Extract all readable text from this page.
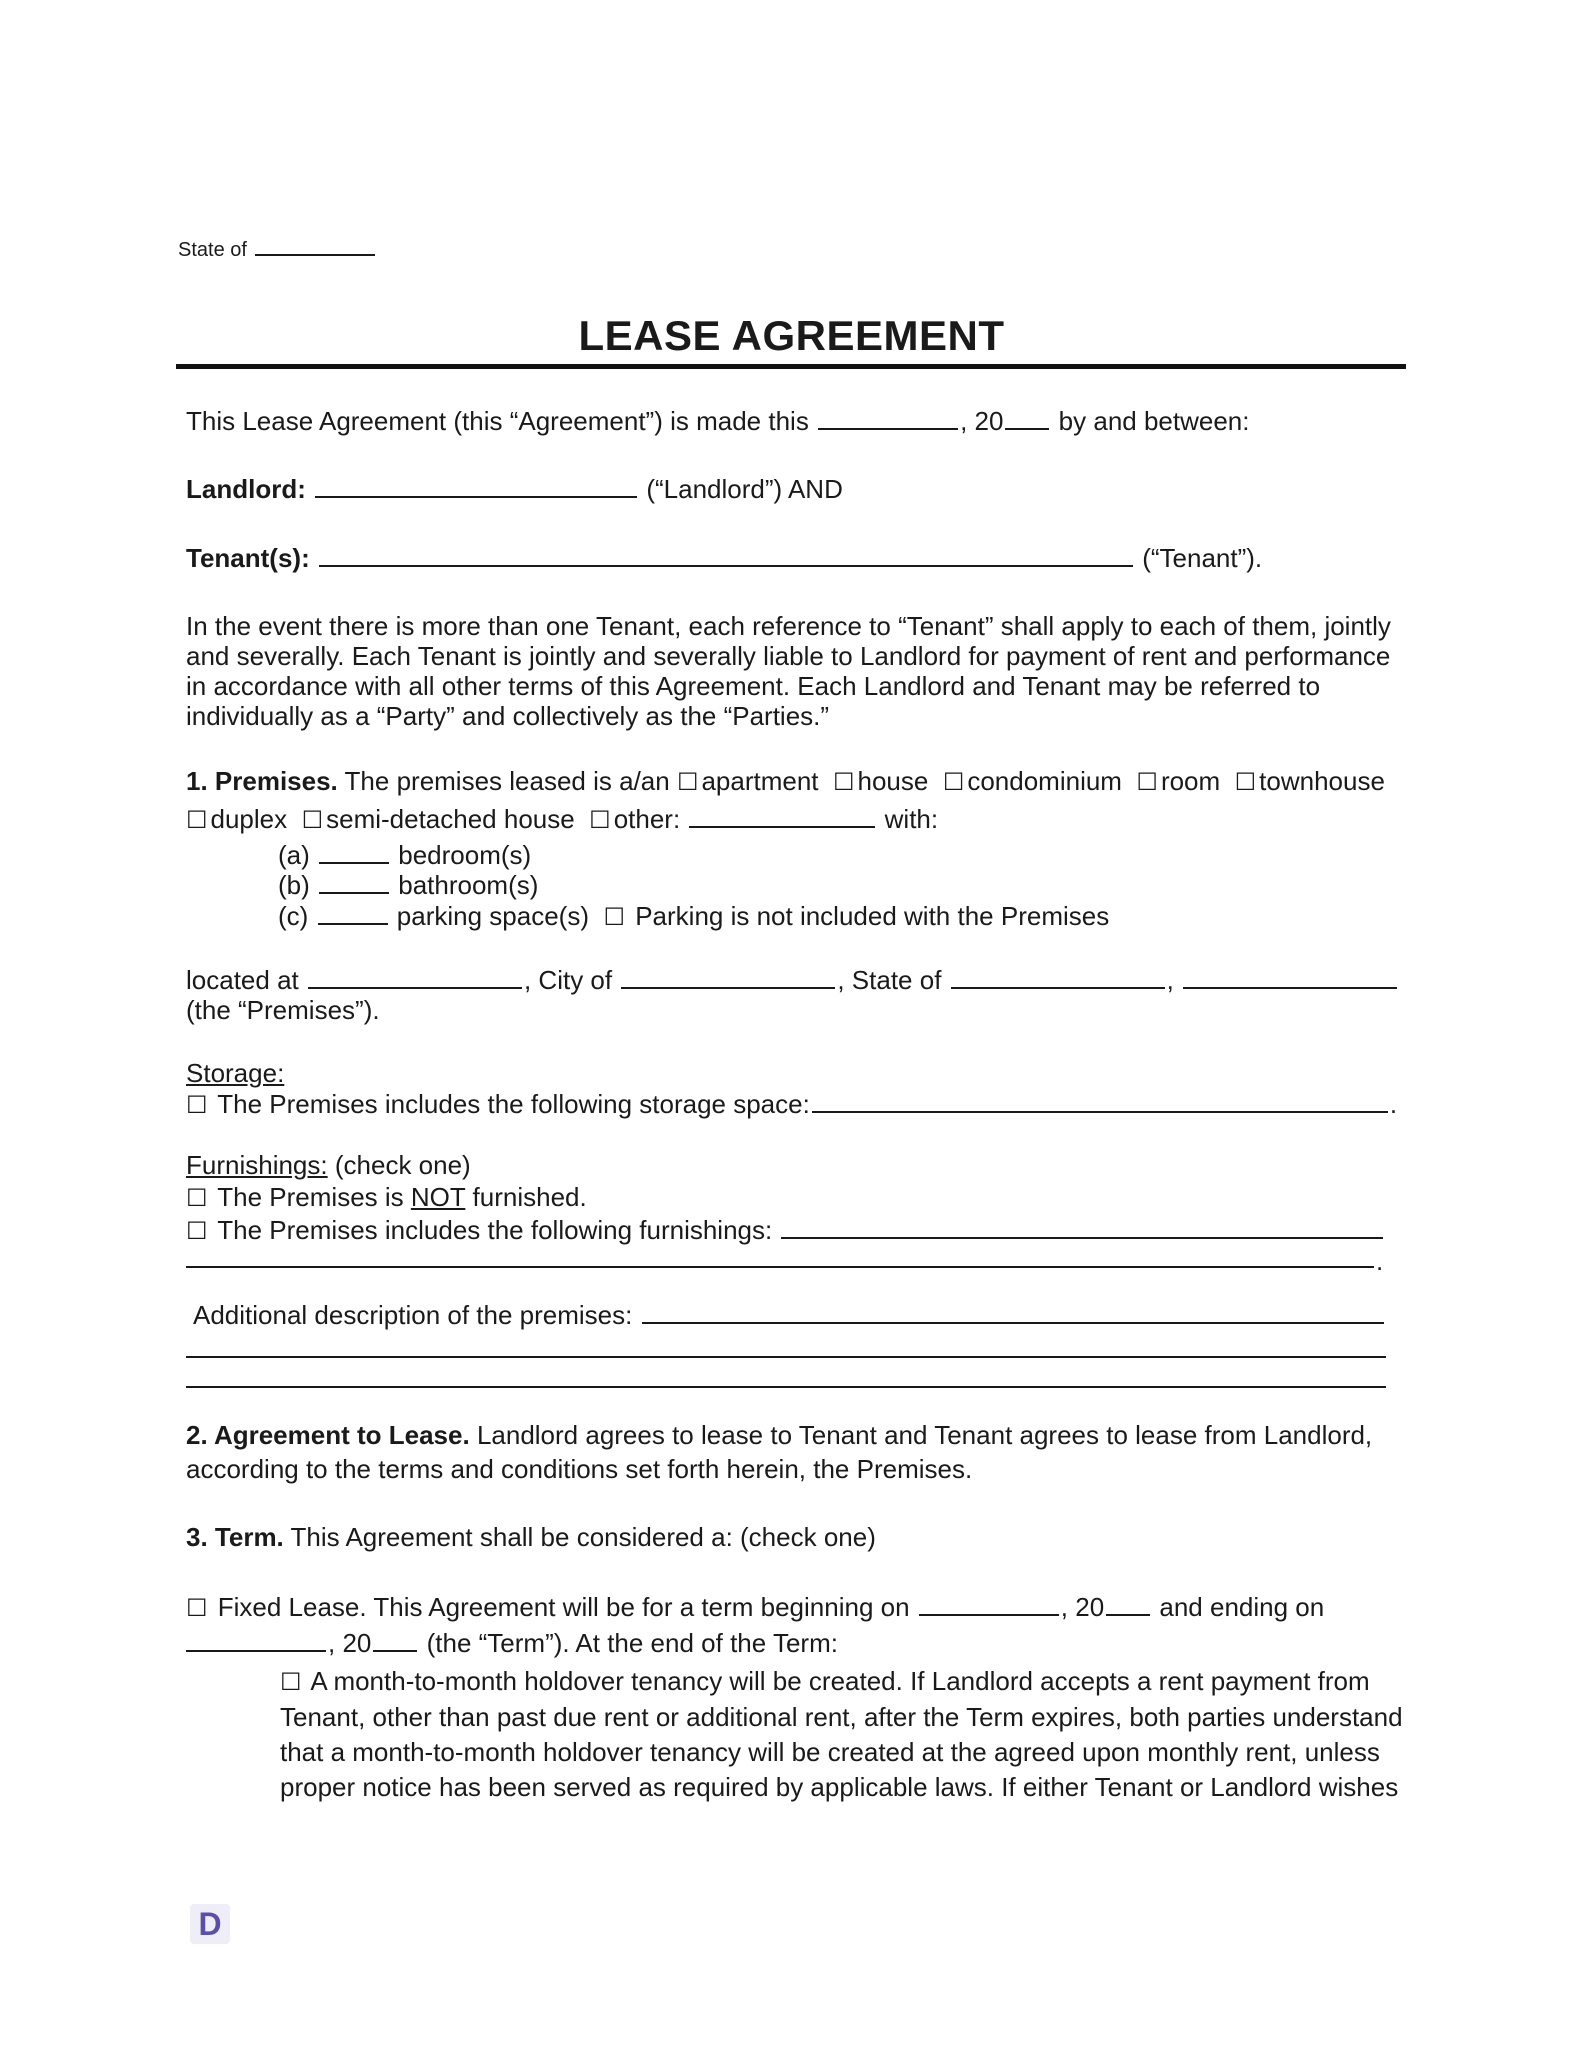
State of
LEASE AGREEMENT
This Lease Agreement (this “Agreement”) is made this	, 20 by and between:
Landlord:	(“Landlord”) AND
Tenant(s):	(“Tenant”).
In the event there is more than one Tenant, each reference to “Tenant” shall apply to each of them, jointly
and severally. Each Tenant is jointly and severally liable to Landlord for payment of rent and performance
in accordance with all other terms of this Agreement. Each Landlord and Tenant may be referred to
individually as a “Party” and collectively as the “Parties.”
1. Premises. The premises leased is a/an ☐ apartment ☐ house ☐ condominium ☐ room ☐ townhouse
☐ duplex ☐ semi-detached house ☐ other:	with:
(a)	bedroom(s)
(b)	bathroom(s)
(c)	parking space(s) ☐ Parking is not included with the Premises
located at	, City of	, State of	,
(the “Premises”).
Storage:
☐ The Premises includes the following storage space:	.
Furnishings: (check one)
☐ The Premises is NOT furnished.
☐ The Premises includes the following furnishings:
.
Additional description of the premises:
2. Agreement to Lease. Landlord agrees to lease to Tenant and Tenant agrees to lease from Landlord,
according to the terms and conditions set forth herein, the Premises.
3. Term. This Agreement shall be considered a: (check one)
☐ Fixed Lease. This Agreement will be for a term beginning on	, 20 and ending on
, 20 (the “Term”). At the end of the Term:
☐ A month-to-month holdover tenancy will be created. If Landlord accepts a rent payment from
Tenant, other than past due rent or additional rent, after the Term expires, both parties understand
that a month-to-month holdover tenancy will be created at the agreed upon monthly rent, unless
proper notice has been served as required by applicable laws. If either Tenant or Landlord wishes
D
